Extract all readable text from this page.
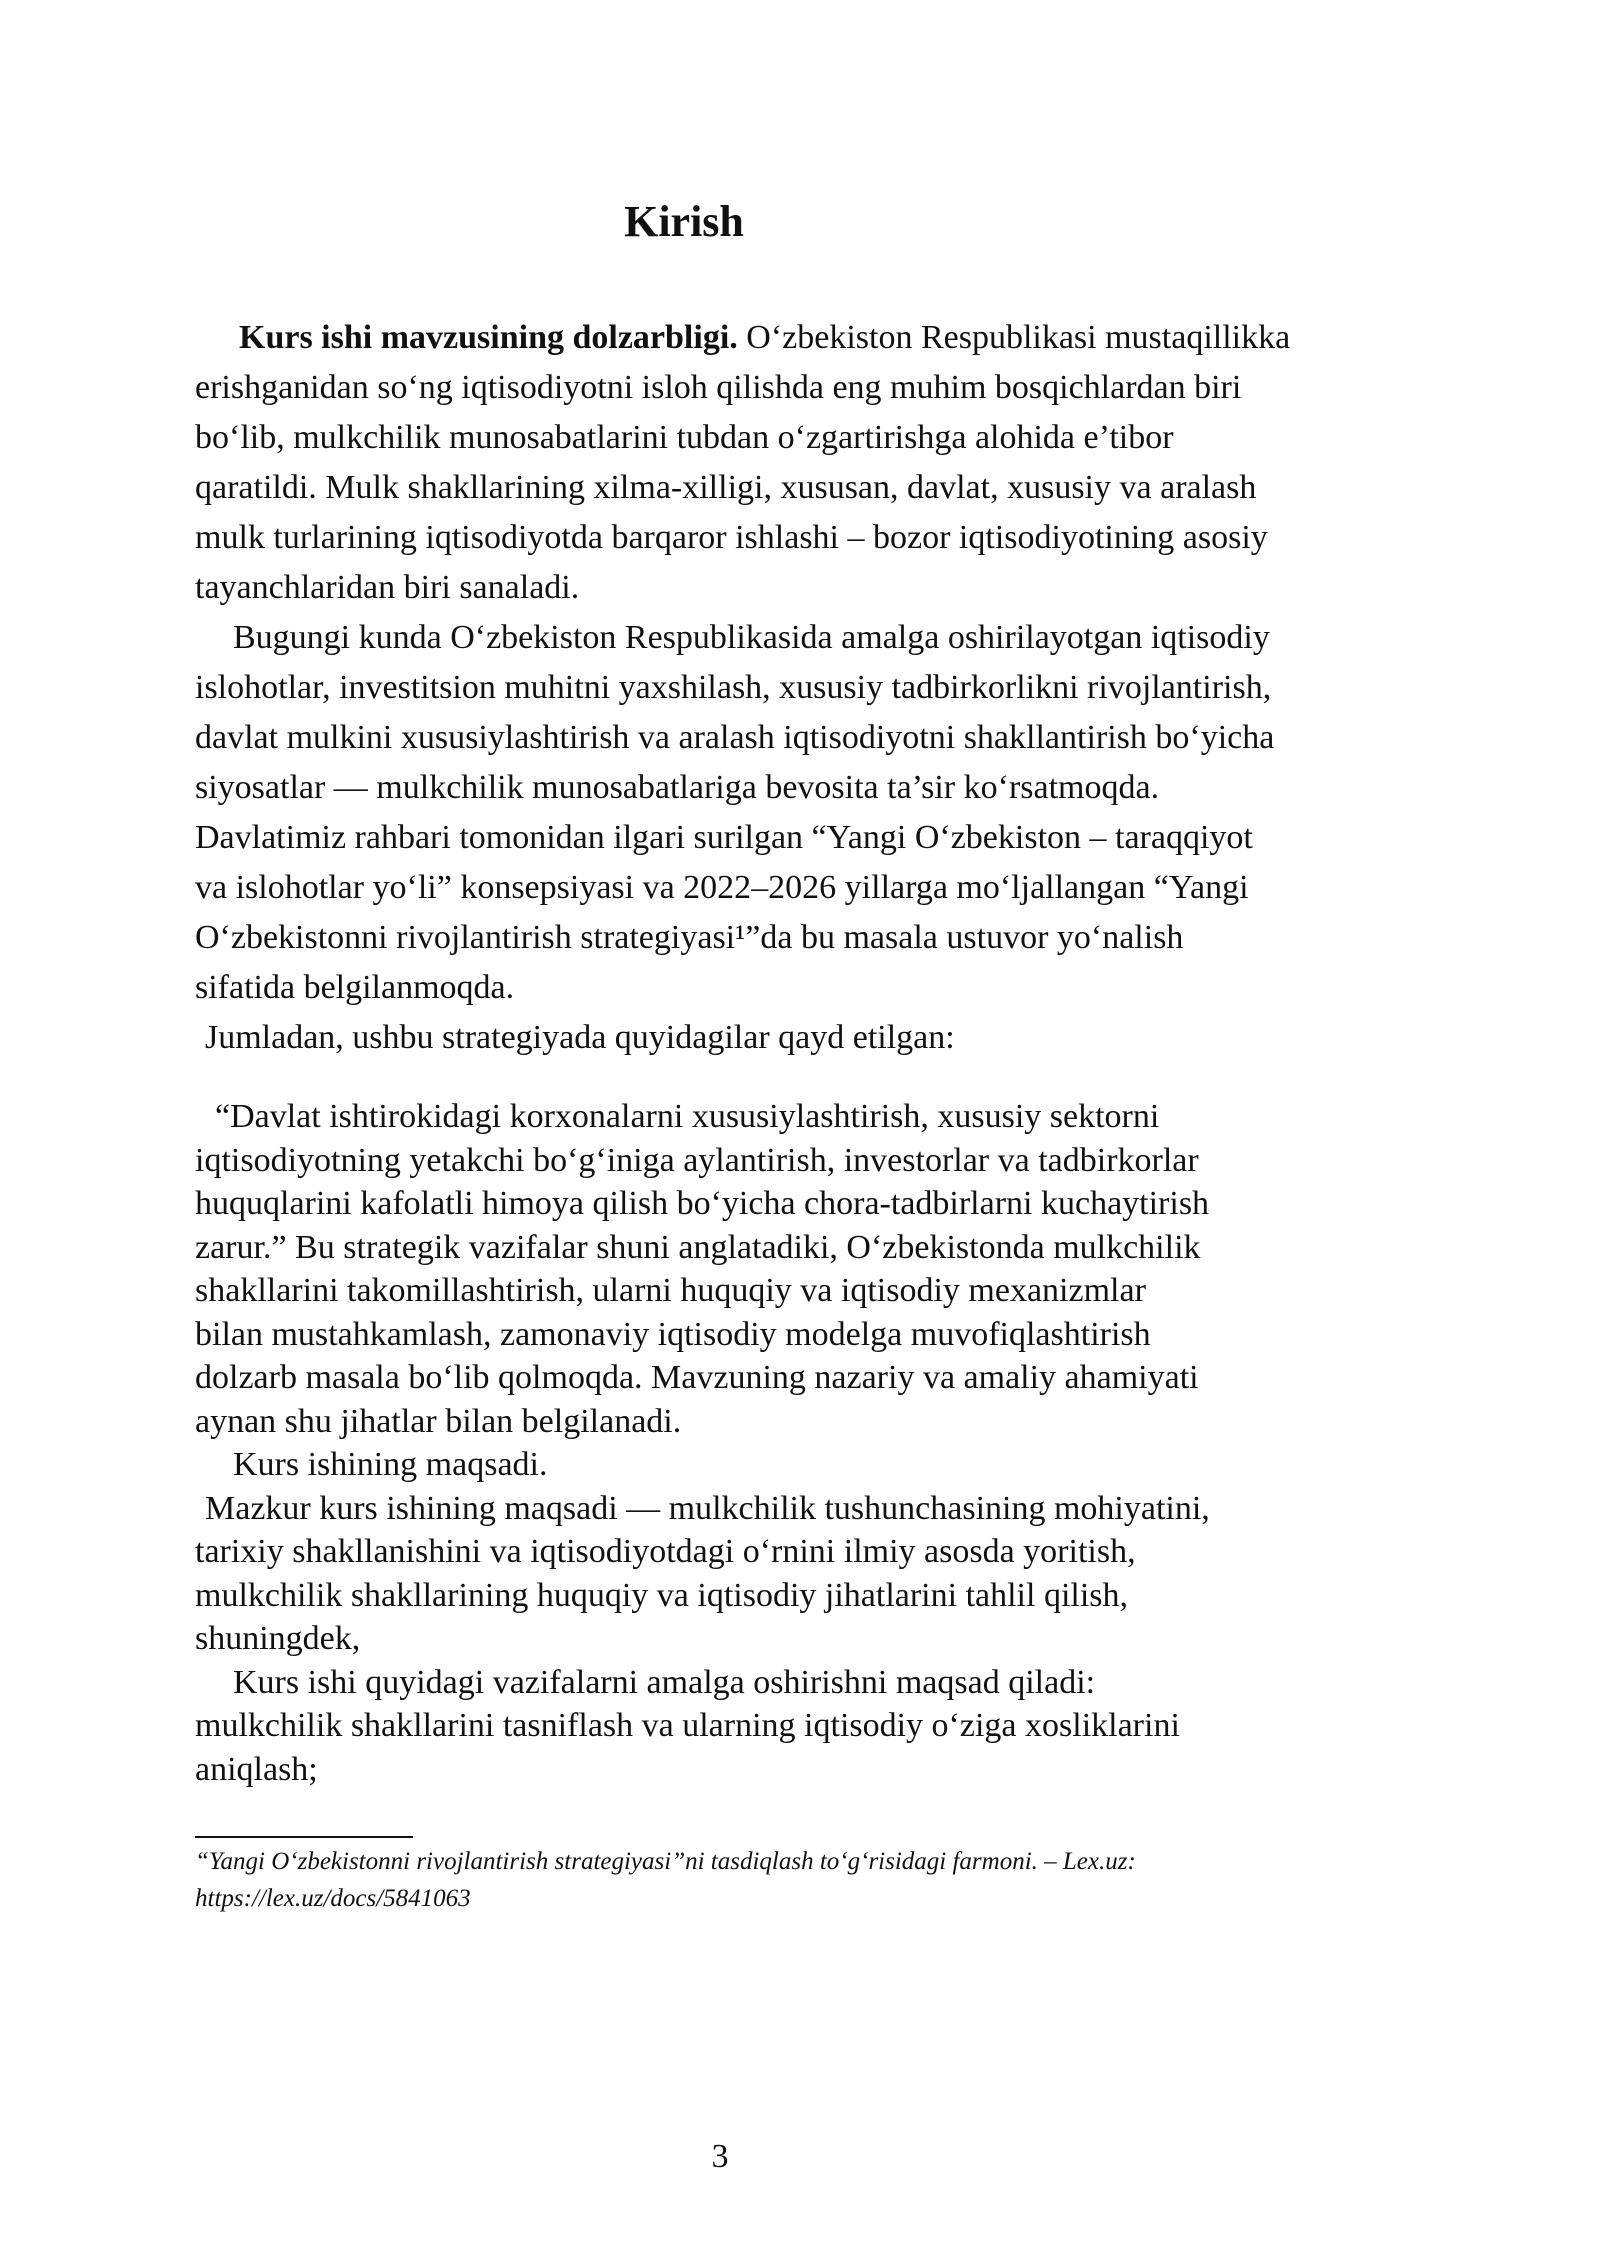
Kirish

Kurs ishi mavzusining dolzarbligi. O‘zbekiston Respublikasi mustaqillikka

erishganidan so‘ng iqtisodiyotni isloh qilishda eng muhim bosqichlardan biri

bo‘lib, mulkchilik munosabatlarini tubdan o‘zgartirishga alohida e’tibor

qaratildi. Mulk shakllarining xilma-xilligi, xususan, davlat, xususiy va aralash

mulk turlarining iqtisodiyotda barqaror ishlashi – bozor iqtisodiyotining asosiy

tayanchlaridan biri sanaladi.

Bugungi kunda O‘zbekiston Respublikasida amalga oshirilayotgan iqtisodiy

islohotlar, investitsion muhitni yaxshilash, xususiy tadbirkorlikni rivojlantirish,

davlat mulkini xususiylashtirish va aralash iqtisodiyotni shakllantirish bo‘yicha

siyosatlar — mulkchilik munosabatlariga bevosita ta’sir ko‘rsatmoqda.

Davlatimiz rahbari tomonidan ilgari surilgan “Yangi O‘zbekiston – taraqqiyot

va islohotlar yo‘li” konsepsiyasi va 2022–2026 yillarga mo‘ljallangan “Yangi

O‘zbekistonni rivojlantirish strategiyasi¹”da bu masala ustuvor yo‘nalish

sifatida belgilanmoqda.

Jumladan, ushbu strategiyada quyidagilar qayd etilgan:

“Davlat ishtirokidagi korxonalarni xususiylashtirish, xususiy sektorni

iqtisodiyotning yetakchi bo‘g‘iniga aylantirish, investorlar va tadbirkorlar

huquqlarini kafolatli himoya qilish bo‘yicha chora-tadbirlarni kuchaytirish

zarur.” Bu strategik vazifalar shuni anglatadiki, O‘zbekistonda mulkchilik

shakllarini takomillashtirish, ularni huquqiy va iqtisodiy mexanizmlar

bilan mustahkamlash, zamonaviy iqtisodiy modelga muvofiqlashtirish

dolzarb masala bo‘lib qolmoqda. Mavzuning nazariy va amaliy ahamiyati

aynan shu jihatlar bilan belgilanadi.

Kurs ishining maqsadi.

Mazkur kurs ishining maqsadi — mulkchilik tushunchasining mohiyatini,

tarixiy shakllanishini va iqtisodiyotdagi o‘rnini ilmiy asosda yoritish,

mulkchilik shakllarining huquqiy va iqtisodiy jihatlarini tahlil qilish,

shuningdek,

Kurs ishi quyidagi vazifalarni amalga oshirishni maqsad qiladi:

mulkchilik shakllarini tasniflash va ularning iqtisodiy o‘ziga xosliklarini

aniqlash;

“Yangi O‘zbekistonni rivojlantirish strategiyasi”ni tasdiqlash to‘g‘risidagi farmoni. – Lex.uz:
https://lex.uz/docs/5841063
3
